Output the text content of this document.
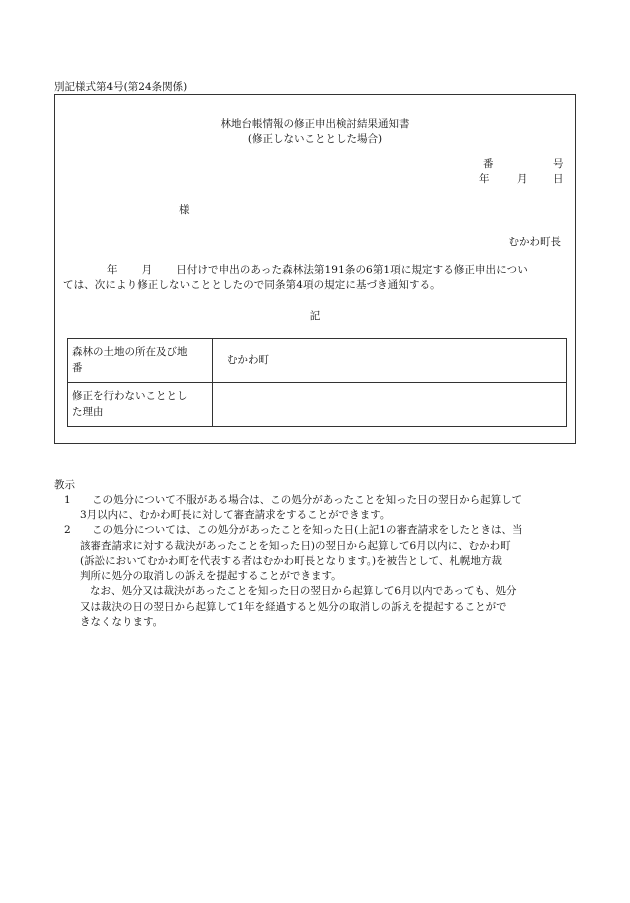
別記様式第4号(第24条関係)
林地台帳情報の修正申出検討結果通知書
(修正しないこととした場合)
番	号
年	月 日
様
むかわ町長
年 月 日付けで申出のあった森林法第191条の6第1項に規定する修正申出につい
ては、次により修正しないこととしたので同条第4項の規定に基づき通知する。
記
森林の土地の所在及び地
番	むかわ町

修正を行わないこととし
た理由	

教示
1	この処分について不服がある場合は、この処分があったことを知った日の翌日から起算して
3月以内に、むかわ町長に対して審査請求をすることができます。
2	この処分については、この処分があったことを知った日(上記1の審査請求をしたときは、当
該審査請求に対する裁決があったことを知った日)の翌日から起算して6月以内に、むかわ町
(訴訟においてむかわ町を代表する者はむかわ町長となります。)を被告として、札幌地方裁
判所に処分の取消しの訴えを提起することができます。
なお、処分又は裁決があったことを知った日の翌日から起算して6月以内であっても、処分
又は裁決の日の翌日から起算して1年を経過すると処分の取消しの訴えを提起することがで
きなくなります。
